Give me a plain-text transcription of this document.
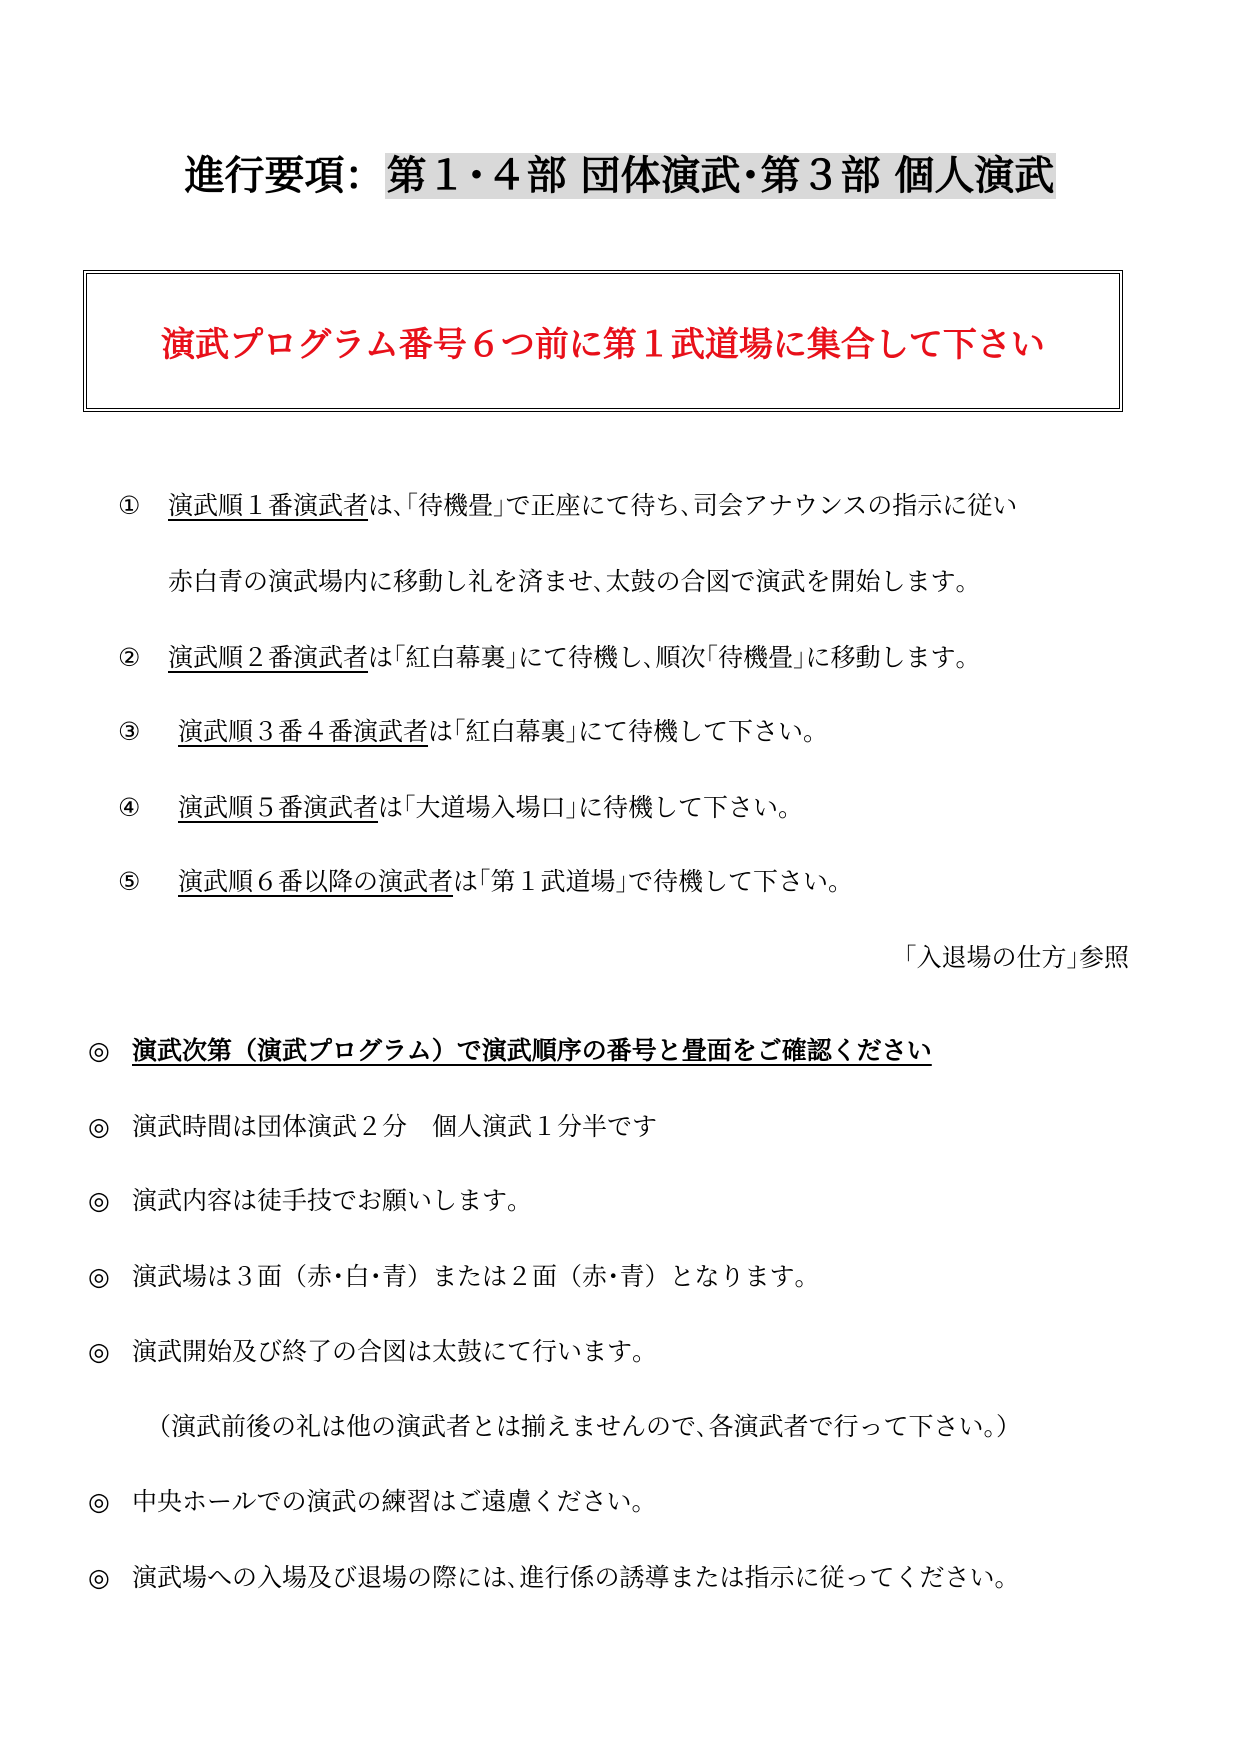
進行要項：第１･４部 団体演武･第３部 個人演武
演武プログラム番号６つ前に第１武道場に集合して下さい
① 演武順１番演武者は､｢待機畳｣で正座にて待ち､司会アナウンスの指示に従い
赤白青の演武場内に移動し礼を済ませ､太鼓の合図で演武を開始します｡
② 演武順２番演武者は｢紅白幕裏｣にて待機し､順次｢待機畳｣に移動します｡
③ 演武順３番４番演武者は｢紅白幕裏｣にて待機して下さい｡
④ 演武順５番演武者は｢大道場入場口｣に待機して下さい｡
⑤ 演武順６番以降の演武者は｢第１武道場｣で待機して下さい｡
｢入退場の仕方｣参照
◎ 演武次第（演武プログラム）で演武順序の番号と畳面をご確認ください
◎ 演武時間は団体演武２分　個人演武１分半です
◎ 演武内容は徒手技でお願いします｡
◎ 演武場は３面（赤･白･青）または２面（赤･青）となります｡
◎ 演武開始及び終了の合図は太鼓にて行います｡
（演武前後の礼は他の演武者とは揃えませんので､各演武者で行って下さい｡）
◎ 中央ホールでの演武の練習はご遠慮ください｡
◎ 演武場への入場及び退場の際には､進行係の誘導または指示に従ってください｡
